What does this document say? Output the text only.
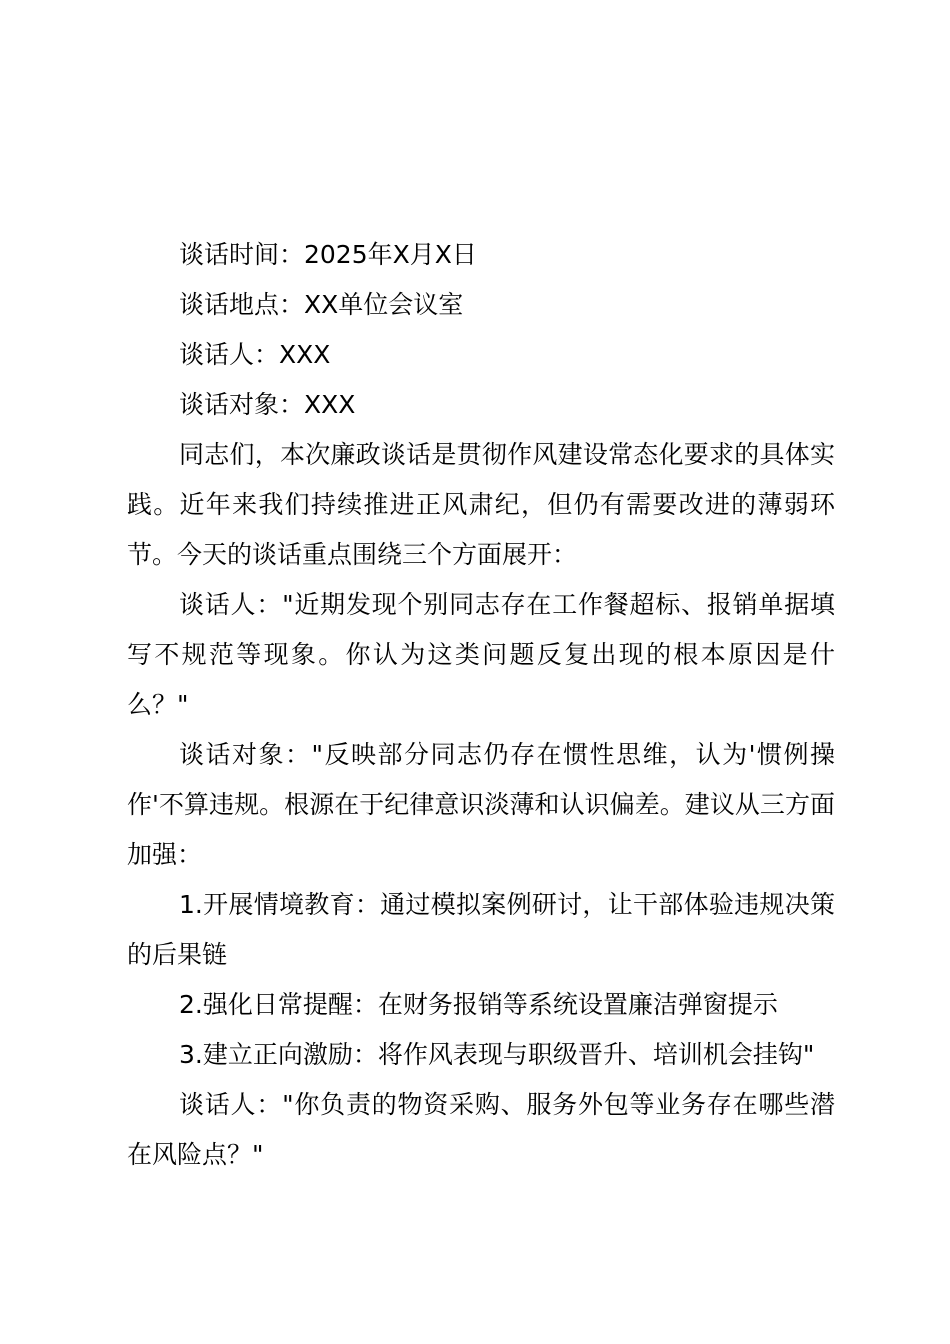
谈话时间：2025年X月X日

谈话地点：XX单位会议室

谈话人：XXX

谈话对象：XXX

同志们，本次廉政谈话是贯彻作风建设常态化要求的具体实践。近年来我们持续推进正风肃纪，但仍有需要改进的薄弱环节。今天的谈话重点围绕三个方面展开：

谈话人："近期发现个别同志存在工作餐超标、报销单据填写不规范等现象。你认为这类问题反复出现的根本原因是什么？"

谈话对象："反映部分同志仍存在惯性思维，认为'惯例操作'不算违规。根源在于纪律意识淡薄和认识偏差。建议从三方面加强：

1.开展情境教育：通过模拟案例研讨，让干部体验违规决策的后果链

2.强化日常提醒：在财务报销等系统设置廉洁弹窗提示

3.建立正向激励：将作风表现与职级晋升、培训机会挂钩"

谈话人："你负责的物资采购、服务外包等业务存在哪些潜在风险点？"
